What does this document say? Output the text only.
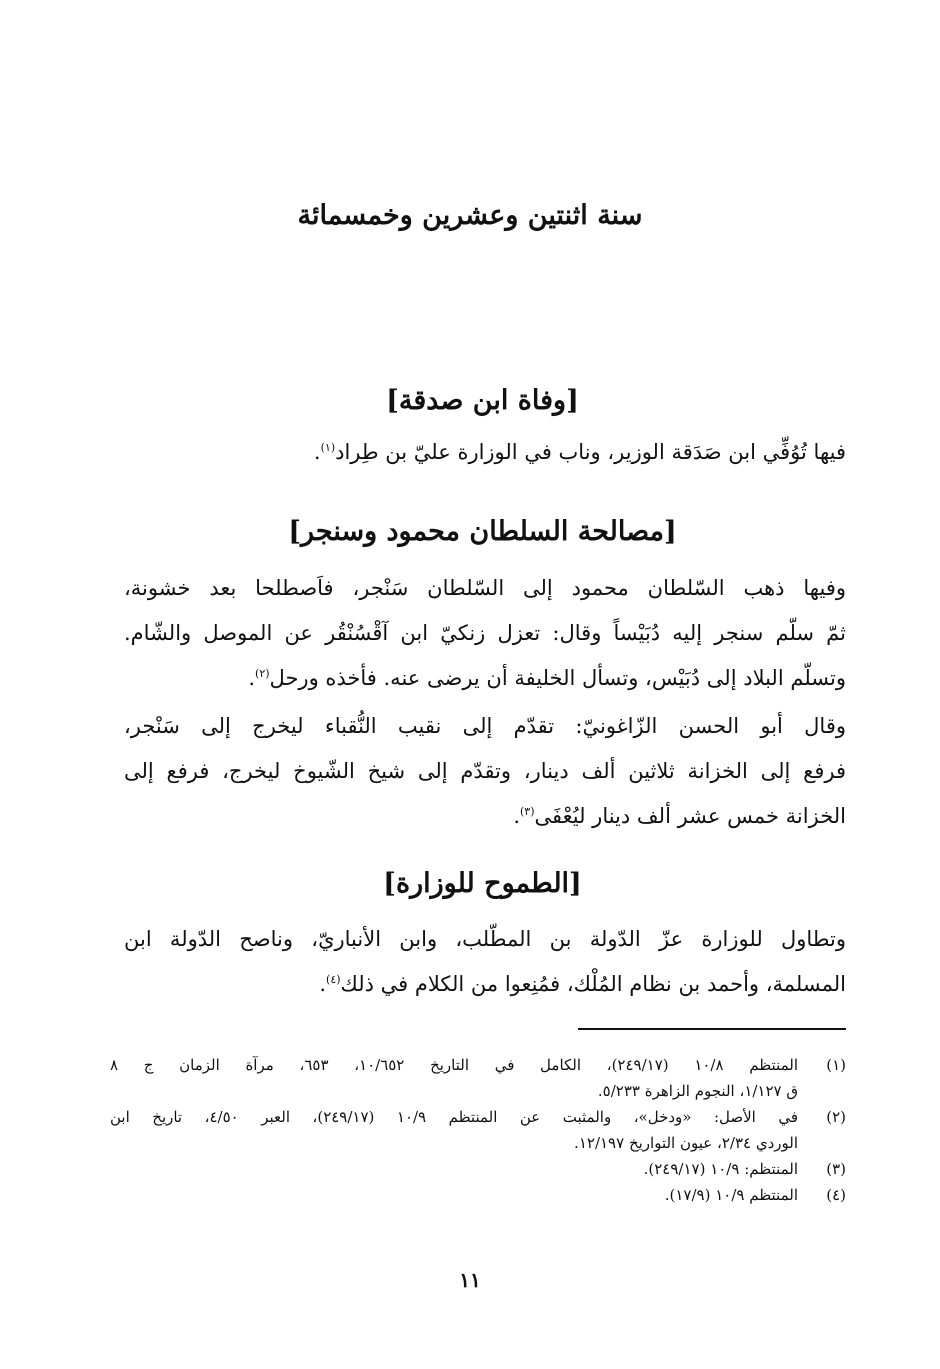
سنة اثنتين وعشرين وخمسمائة
[وفاة ابن صدقة]
فيها تُوُفِّي ابن صَدَقة الوزير، وناب في الوزارة عليّ بن طِراد$^{(١)}$.
[مصالحة السلطان محمود وسنجر]
وفيها ذهب السّلطان محمود إلى السّلطان سَنْجر، فاَصطلحا بعد خشونة،
ثمّ سلّم سنجر إليه دُبَيْساً وقال: تعزل زنكيّ ابن آقْسُنْقُر عن الموصل والشّام.
وتسلّم البلاد إلى دُبَيْس، وتسأل الخليفة أن يرضى عنه. فأخذه ورحل$^{(٢)}$.
وقال أبو الحسن الزّاغونيّ: تقدّم إلى نقيب النُّقباء ليخرج إلى سَنْجر،
فرفع إلى الخزانة ثلاثين ألف دينار، وتقدّم إلى شيخ الشّيوخ ليخرج، فرفع إلى
الخزانة خمس عشر ألف دينار ليُعْفَى$^{(٣)}$.
[الطموح للوزارة]
وتطاول للوزارة عزّ الدّولة بن المطّلب، وابن الأنباريّ، وناصح الدّولة ابن
المسلمة، وأحمد بن نظام المُلْك، فمُنِعوا من الكلام في ذلك$^{(٤)}$.
(١)
المنتظم ١٠/٨ (٢٤٩/١٧)، الكامل في التاريخ ١٠/٦٥٢، ٦٥٣، مرآة الزمان ج ٨
ق ١/١٢٧، النجوم الزاهرة ٥/٢٣٣.
(٢)
في الأصل: «ودخل»، والمثبت عن المنتظم ١٠/٩ (٢٤٩/١٧)، العبر ٤/٥٠، تاريخ ابن
الوردي ٢/٣٤، عيون التواريخ ١٢/١٩٧.
(٣)
المنتظم: ١٠/٩ (٢٤٩/١٧).
(٤)
المنتظم ١٠/٩ (١٧/٩).
١١
